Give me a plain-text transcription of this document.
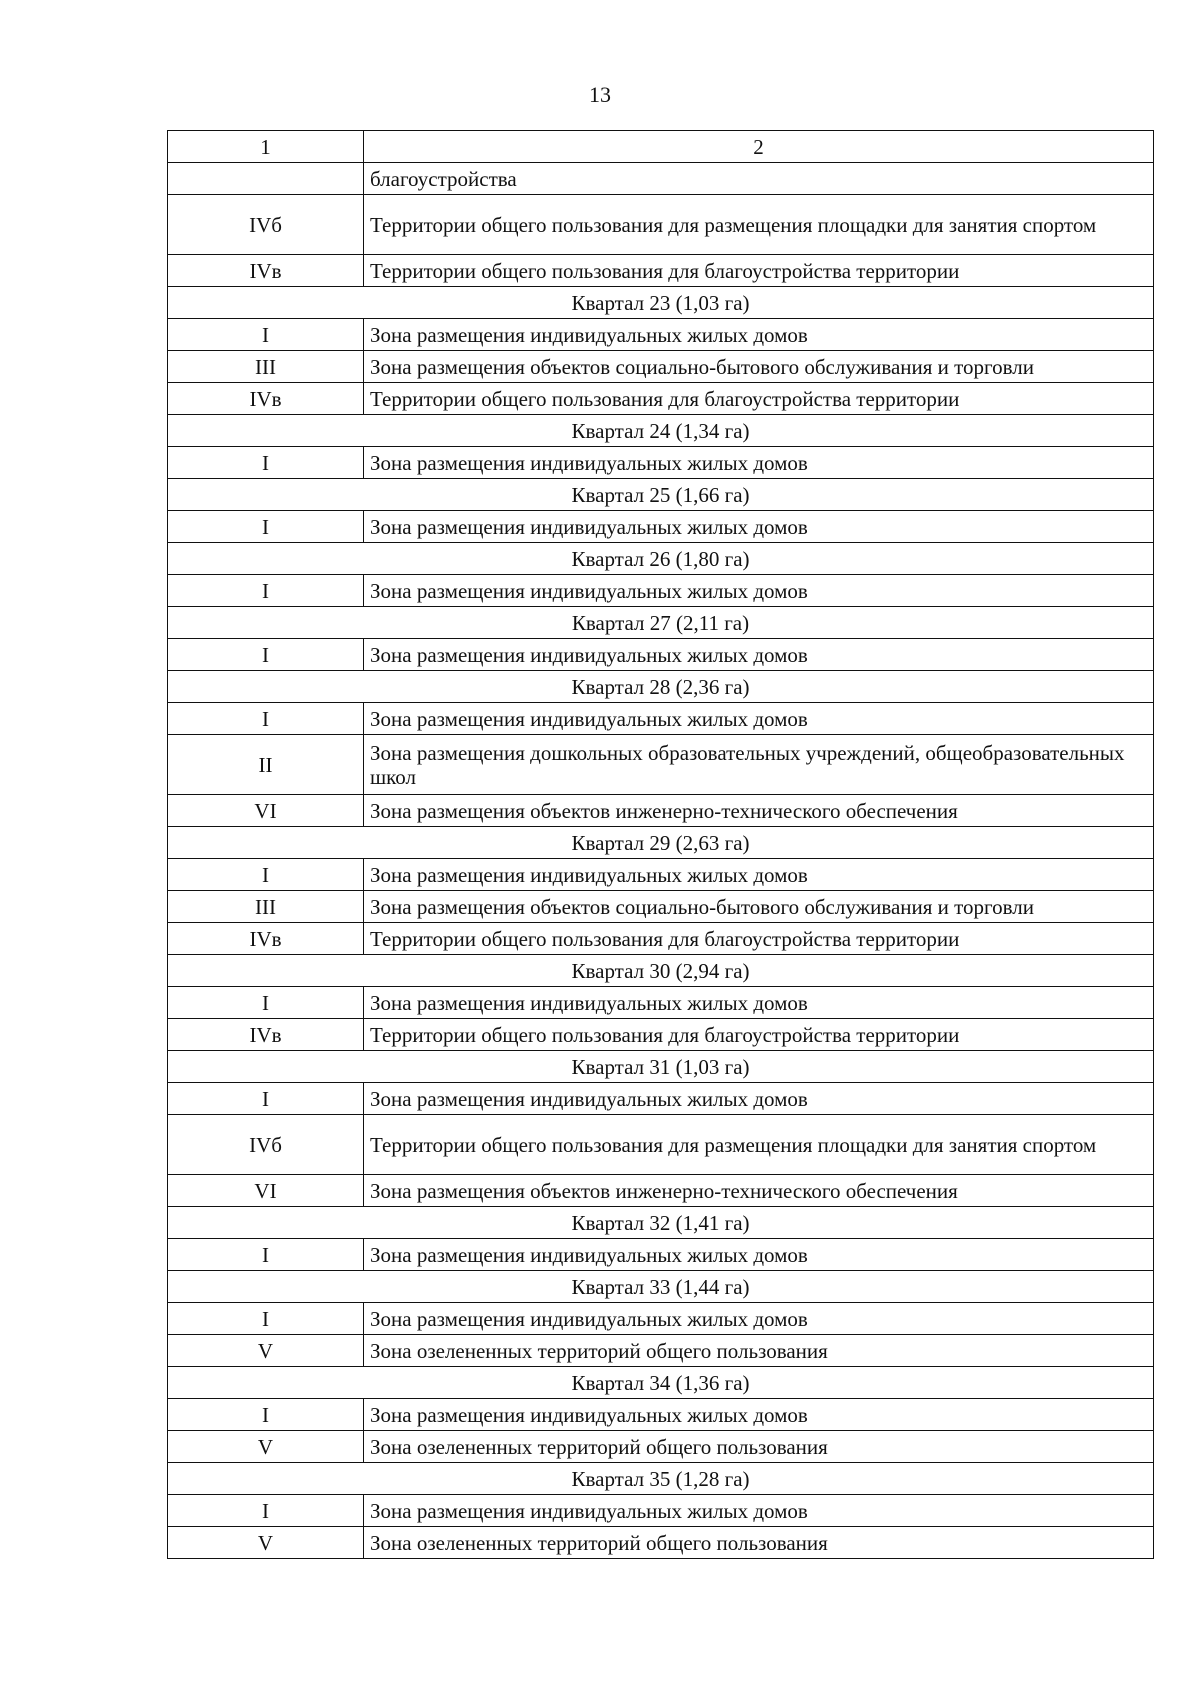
13
1	2
	благоустройства
IVб	Территории общего пользования для размещения площадки для занятия спортом
IVв	Территории общего пользования для благоустройства территории
Квартал 23 (1,03 га)	
I	Зона размещения индивидуальных жилых домов
III	Зона размещения объектов социально-бытового обслуживания и торговли
IVв	Территории общего пользования для благоустройства территории
Квартал 24 (1,34 га)	
I	Зона размещения индивидуальных жилых домов
Квартал 25 (1,66 га)	
I	Зона размещения индивидуальных жилых домов
Квартал 26 (1,80 га)	
I	Зона размещения индивидуальных жилых домов
Квартал 27 (2,11 га)	
I	Зона размещения индивидуальных жилых домов
Квартал 28 (2,36 га)	
I	Зона размещения индивидуальных жилых домов
II	Зона размещения дошкольных образовательных учреждений, общеобразовательных школ
VI	Зона размещения объектов инженерно-технического обеспечения
Квартал 29 (2,63 га)	
I	Зона размещения индивидуальных жилых домов
III	Зона размещения объектов социально-бытового обслуживания и торговли
IVв	Территории общего пользования для благоустройства территории
Квартал 30 (2,94 га)	
I	Зона размещения индивидуальных жилых домов
IVв	Территории общего пользования для благоустройства территории
Квартал 31 (1,03 га)	
I	Зона размещения индивидуальных жилых домов
IVб	Территории общего пользования для размещения площадки для занятия спортом
VI	Зона размещения объектов инженерно-технического обеспечения
Квартал 32 (1,41 га)	
I	Зона размещения индивидуальных жилых домов
Квартал 33 (1,44 га)	
I	Зона размещения индивидуальных жилых домов
V	Зона озелененных территорий общего пользования
Квартал 34 (1,36 га)	
I	Зона размещения индивидуальных жилых домов
V	Зона озелененных территорий общего пользования
Квартал 35 (1,28 га)	
I	Зона размещения индивидуальных жилых домов
V	Зона озелененных территорий общего пользования
